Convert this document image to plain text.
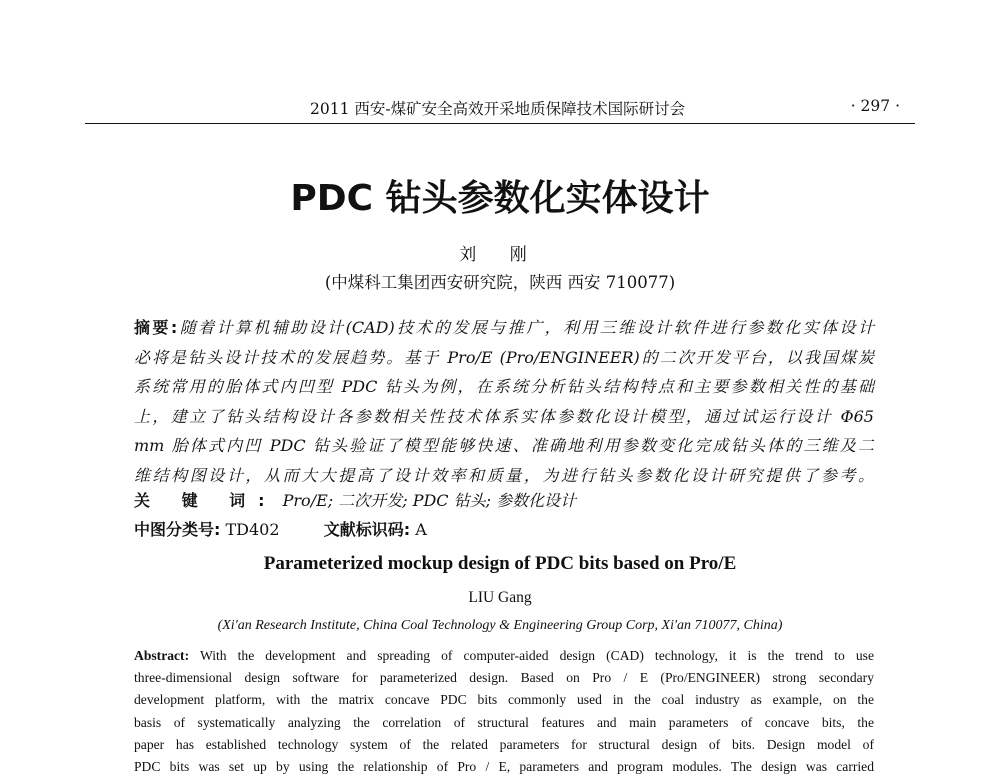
2011 西安-煤矿安全高效开采地质保障技术国际研讨会	· 297 ·
PDC 钻头参数化实体设计
刘 刚
(中煤科工集团西安研究院，陕西 西安 710077)
摘要:随着计算机辅助设计(CAD)技术的发展与推广，利用三维设计软件进行参数化实体设计
必将是钻头设计技术的发展趋势。基于 Pro/E (Pro/ENGINEER)的二次开发平台，以我国煤炭
系统常用的胎体式内凹型 PDC 钻头为例，在系统分析钻头结构特点和主要参数相关性的基础
上，建立了钻头结构设计各参数相关性技术体系实体参数化设计模型，通过试运行设计 Φ65
mm 胎体式内凹 PDC 钻头验证了模型能够快速、准确地利用参数变化完成钻头体的三维及二
维结构图设计，从而大大提高了设计效率和质量，为进行钻头参数化设计研究提供了参考。
关 键 词: Pro/E; 二次开发; PDC 钻头; 参数化设计
中图分类号: TD402	文献标识码: A
Parameterized mockup design of PDC bits based on Pro/E
LIU Gang
(Xi'an Research Institute, China Coal Technology & Engineering Group Corp, Xi'an 710077, China)
Abstract: With the development and spreading of computer-aided design (CAD) technology, it is the trend to use
three-dimensional design software for parameterized design. Based on Pro / E (Pro/ENGINEER) strong secondary
development platform, with the matrix concave PDC bits commonly used in the coal industry as example, on the
basis of systematically analyzing the correlation of structural features and main parameters of concave bits, the
paper has established technology system of the related parameters for structural design of bits. Design model of
PDC bits was set up by using the relationship of Pro / E, parameters and program modules. The design was carried
